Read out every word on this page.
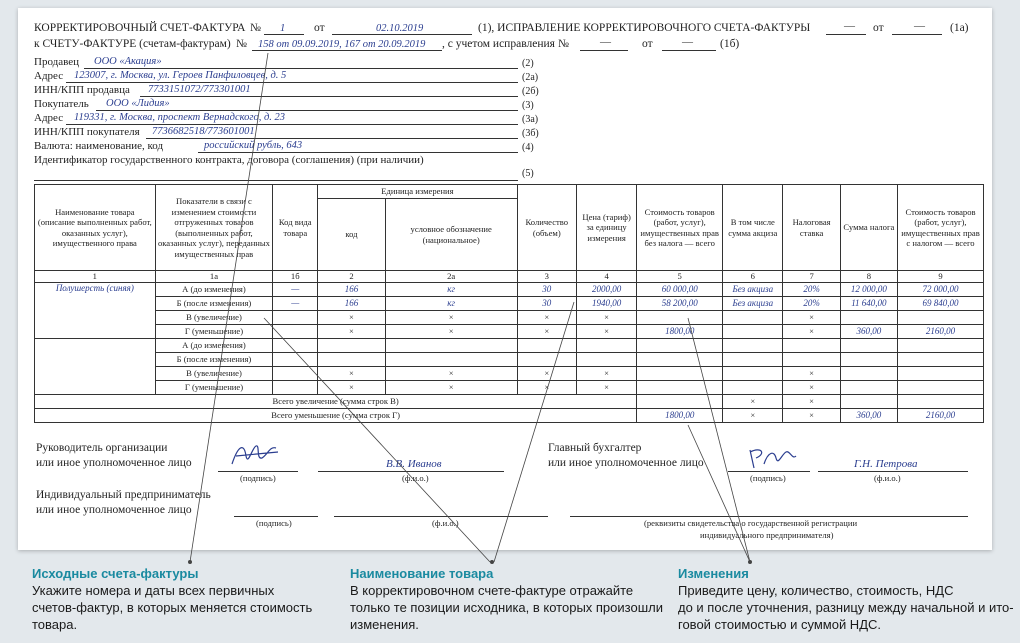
КОРРЕКТИРОВОЧНЫЙ СЧЕТ-ФАКТУРА № 1	от	02.10.2019	(1), ИСПРАВЛЕНИЕ КОРРЕКТИРОВОЧНОГО СЧЕТА-ФАКТУРЫ	— от	— (1а)
к СЧЕТУ-ФАКТУРЕ (счетам-фактурам) № 158 от 09.09.2019, 167 от 20.09.2019 , с учетом исправления №	—	от	— (1б)
Продавец ООО «Акация»	(2)
Адрес 123007, г. Москва, ул. Героев Панфиловцев, д. 5	(2а)
ИНН/КПП продавца 7733151072/773301001	(2б)
Покупатель ООО «Лидия»	(3)
Адрес 119331, г. Москва, проспект Вернадского, д. 23	(3а)
ИНН/КПП покупателя 7736682518/773601001	(3б)
Валюта: наименование, код	российский рубль, 643	(4)
Идентификатор государственного контракта, договора (соглашения) (при наличии)
(5)
Наименование товара (описание выполненных работ, оказанных услуг), имущественного права	Показатели в связи с изменением стоимости отгруженных товаров (выполненных работ, оказанных услуг), переданных имущественных прав	Код вида товара	Единица измерения		Количество (объем)	Цена (тариф) за единицу измерения	Стоимость товаров (работ, услуг), имущественных прав без налога — всего	В том числе сумма акциза	Налоговая ставка	Сумма налога	Стоимость товаров (работ, услуг), имущественных прав с налогом — всего
			код	условное обозначение (национальное)							
1	1а	1б	2	2а	3	4	5	6	7	8	9
Полушерсть (синяя)	А (до изменения)	—	166	кг	30	2000,00	60 000,00	Без акциза	20%	12 000,00	72 000,00
	Б (после изменения)	—	166	кг	30	1940,00	58 200,00	Без акциза	20%	11 640,00	69 840,00
	В (увеличение)		×	×	×	×			×		
	Г (уменьшение)		×	×	×	×	1800,00		×	360,00	2160,00
	А (до изменения)										
	Б (после изменения)										
	В (увеличение)		×	×	×	×			×		
	Г (уменьшение)		×	×	×	×			×		
Всего увеличение (сумма строк В)								×	×		
Всего уменьшение (сумма строк Г)							1800,00	×	×	360,00	2160,00
Руководитель организации
или иное уполномоченное лицо
(подпись)
В.В. Иванов
(ф.и.о.)
Главный бухгалтер
или иное уполномоченное лицо
(подпись)
Г.Н. Петрова
(ф.и.о.)
Индивидуальный предприниматель
или иное уполномоченное лицо
(подпись)	(ф.и.о.)	(реквизиты свидетельства о государственной регистрации
индивидуального предпринимателя)
Исходные счета-фактуры
Укажите номера и даты всех первичных
счетов-фактур, в которых меняется стоимость
товара.
Наименование товара
В корректировочном счете-фактуре отражайте
только те позиции исходника, в которых произошли
изменения.
Изменения
Приведите цену, количество, стоимость, НДС
до и после уточнения, разницу между начальной и ито-
говой стоимостью и суммой НДС.
